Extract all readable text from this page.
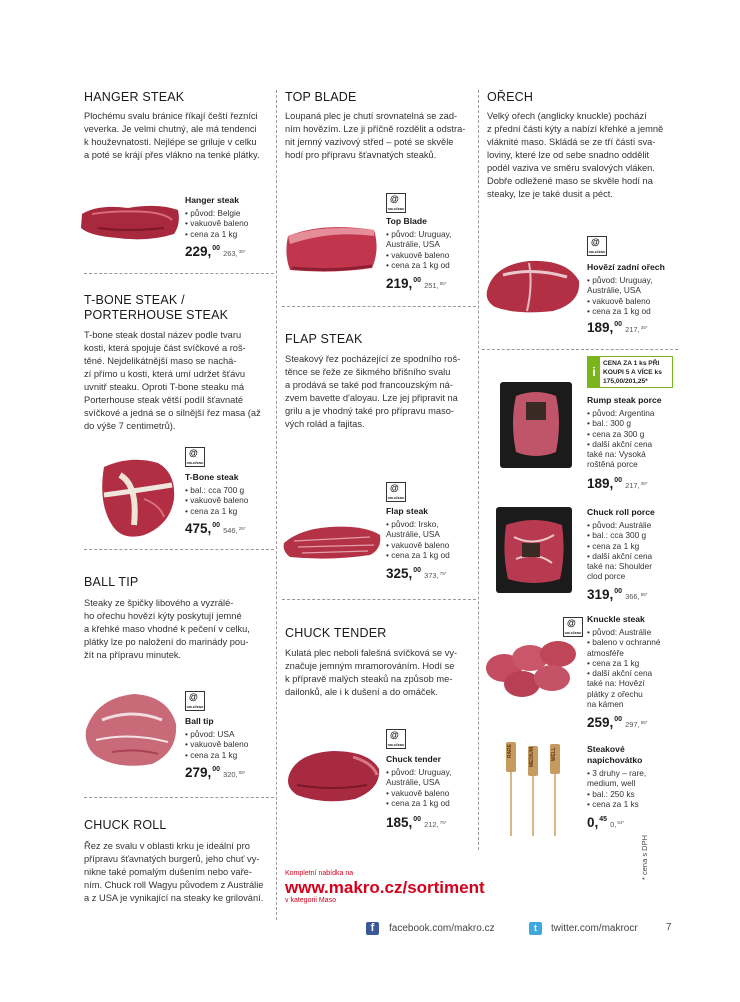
HANGER STEAK
Plochému svalu bránice říkají čeští řezníci
veverka. Je velmi chutný, ale má tendenci
k houževnatosti. Nejlépe se griluje v celku
a poté se krájí přes vlákno na tenké plátky.
Hanger steak
• původ: Belgie
• vakuově baleno
• cena za 1 kg
229,00263,$^{35*}$
T-BONE STEAK /
PORTERHOUSE STEAK
T-bone steak dostal název podle tvaru
kosti, která spojuje část svíčkové a roš-
těné. Nejdelikátnější maso se nachá-
zí přímo u kosti, která umí udržet šťávu
uvnitř steaku. Oproti T-bone steaku má
Porterhouse steak větší podíl šťavnaté
svíčkové a jedná se o silnější řez masa (až
do výše 7 centimetrů).
@
ODLEŽENO
T-Bone steak
• bal.: cca 700 g
• vakuově baleno
• cena za 1 kg
475,00546,$^{25*}$
BALL TIP
Steaky ze špičky libového a vyzrálé-
ho ořechu hovězí kýty poskytují jemné
a křehké maso vhodné k pečení v celku,
plátky lze po naložení do marinády pou-
žít na přípravu minutek.
@
ODLEŽENO
Ball tip
• původ: USA
• vakuově baleno
• cena za 1 kg
279,00320,$^{85*}$
CHUCK ROLL
Řez ze svalu v oblasti krku je ideální pro
přípravu šťavnatých burgerů, jeho chuť vy-
nikne také pomalým dušením nebo vaře-
ním. Chuck roll Wagyu původem z Austrálie
a z USA je vynikající na steaky ke grilování.
TOP BLADE
Loupaná plec je chutí srovnatelná se zad-
ním hovězím. Lze ji příčně rozdělit a odstra-
nit jemný vazivový střed – poté se skvěle
hodí pro přípravu šťavnatých steaků.
@
ODLEŽENO
Top Blade
• původ: Uruguay,
Austrálie, USA
• vakuově baleno
• cena za 1 kg od
219,00251,$^{85*}$
FLAP STEAK
Steakový řez pocházející ze spodního roš-
těnce se řeže ze šikmého břišního svalu
a prodává se také pod francouzským ná-
zvem bavette d'aloyau. Lze jej připravit na
grilu a je vhodný také pro přípravu maso-
vých rolád a fajitas.
@
ODLEŽENO
Flap steak
• původ: Irsko,
Austrálie, USA
• vakuově baleno
• cena za 1 kg od
325,00373,$^{75*}$
CHUCK TENDER
Kulatá plec neboli falešná svíčková se vy-
značuje jemným mramorováním. Hodí se
k přípravě malých steaků na způsob me-
dailonků, ale i k dušení a do omáček.
@
ODLEŽENO
Chuck tender
• původ: Uruguay,
Austrálie, USA
• vakuově baleno
• cena za 1 kg od
185,00212,$^{75*}$
Kompletní nabídka na
www.makro.cz/sortiment
v kategorii Maso
OŘECH
Velký ořech (anglicky knuckle) pochází
z přední části kýty a nabízí křehké a jemně
vláknité maso. Skládá se ze tří částí sva-
loviny, které lze od sebe snadno oddělit
podél vaziva ve směru svalových vláken.
Dobře odležené maso se skvěle hodí na
steaky, lze je také dusit a péct.
@
ODLEŽENO
Hovězí zadní ořech
• původ: Uruguay,
Austrálie, USA
• vakuově baleno
• cena za 1 kg od
189,00217,$^{35*}$
i
CENA ZA 1 ks PŘI
KOUPI 5 A VÍCE ks
175,00/201,25*
Rump steak porce
• původ: Argentina
• bal.: 300 g
• cena za 300 g
• další akční cena
také na: Vysoká
roštěná porce
189,00217,$^{35*}$
Chuck roll porce
• původ: Austrálie
• bal.: cca 300 g
• cena za 1 kg
• další akční cena
také na: Shoulder
clod porce
319,00366,$^{85*}$
@
ODLEŽENO
Knuckle steak
• původ: Austrálie
• baleno v ochranné
atmosféře
• cena za 1 kg
• další akční cena
také na: Hovězí
plátky z ořechu
na kámen
259,00297,$^{85*}$
RARE	MEDIUM	WELL	Steakové
napichovátko
• 3 druhy – rare,
medium, well
• bal.: 250 ks
• cena za 1 ks
0,450,$^{54*}$
* cena s DPH
f	facebook.com/makro.cz	t	twitter.com/makrocr	7
